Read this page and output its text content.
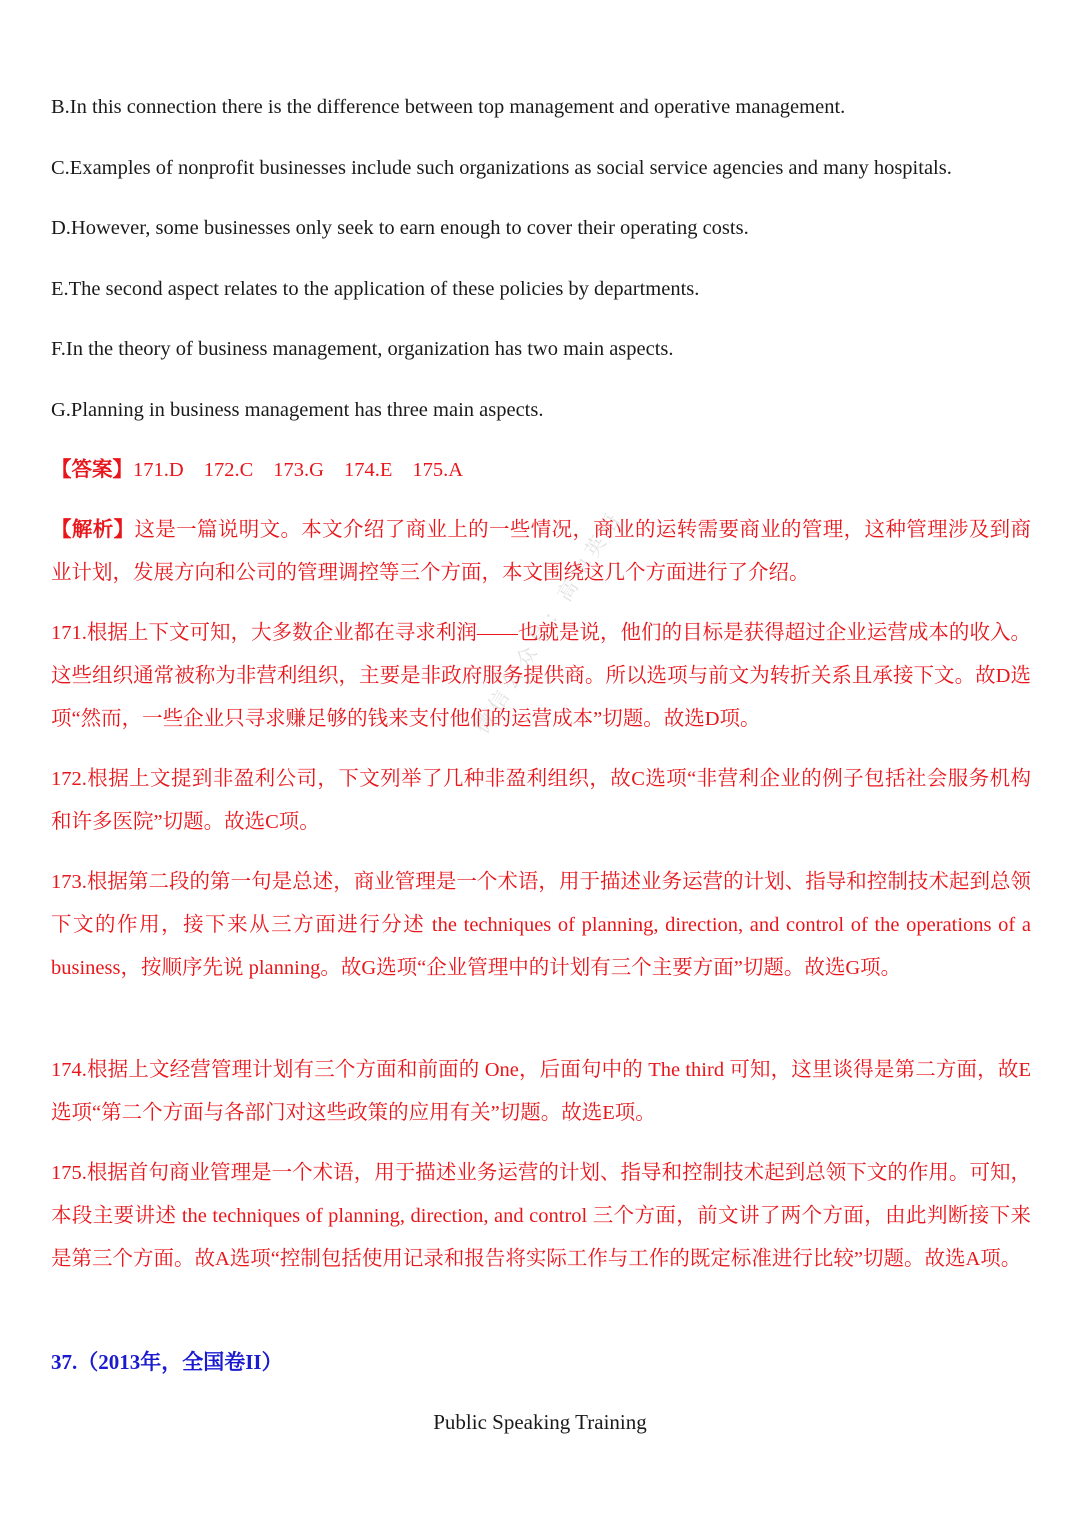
微信公众号：高中英语
B.In this connection there is the difference between top management and operative management.
C.Examples of nonprofit businesses include such organizations as social service agencies and many hospitals.
D.However, some businesses only seek to earn enough to cover their operating costs.
E.The second aspect relates to the application of these policies by departments.
F.In the theory of business management, organization has two main aspects.
G.Planning in business management has three main aspects.
【答案】171.D 172.C 173.G 174.E 175.A
【解析】这是一篇说明文。本文介绍了商业上的一些情况，商业的运转需要商业的管理，这种管理涉及到商业计划，发展方向和公司的管理调控等三个方面，本文围绕这几个方面进行了介绍。
171.根据上下文可知，大多数企业都在寻求利润——也就是说，他们的目标是获得超过企业运营成本的收入。这些组织通常被称为非营利组织，主要是非政府服务提供商。所以选项与前文为转折关系且承接下文。故D选项“然而，一些企业只寻求赚足够的钱来支付他们的运营成本”切题。故选D项。
172.根据上文提到非盈利公司，下文列举了几种非盈利组织，故C选项“非营利企业的例子包括社会服务机构和许多医院”切题。故选C项。
173.根据第二段的第一句是总述，商业管理是一个术语，用于描述业务运营的计划、指导和控制技术起到总领下文的作用，接下来从三方面进行分述 the techniques of planning, direction, and control of the operations of a business，按顺序先说 planning。故G选项“企业管理中的计划有三个主要方面”切题。故选G项。
174.根据上文经营管理计划有三个方面和前面的 One，后面句中的 The third 可知，这里谈得是第二方面，故E选项“第二个方面与各部门对这些政策的应用有关”切题。故选E项。
175.根据首句商业管理是一个术语，用于描述业务运营的计划、指导和控制技术起到总领下文的作用。可知，本段主要讲述 the techniques of planning, direction, and control 三个方面，前文讲了两个方面，由此判断接下来是第三个方面。故A选项“控制包括使用记录和报告将实际工作与工作的既定标准进行比较”切题。故选A项。
37.（2013年，全国卷II）
Public Speaking Training
